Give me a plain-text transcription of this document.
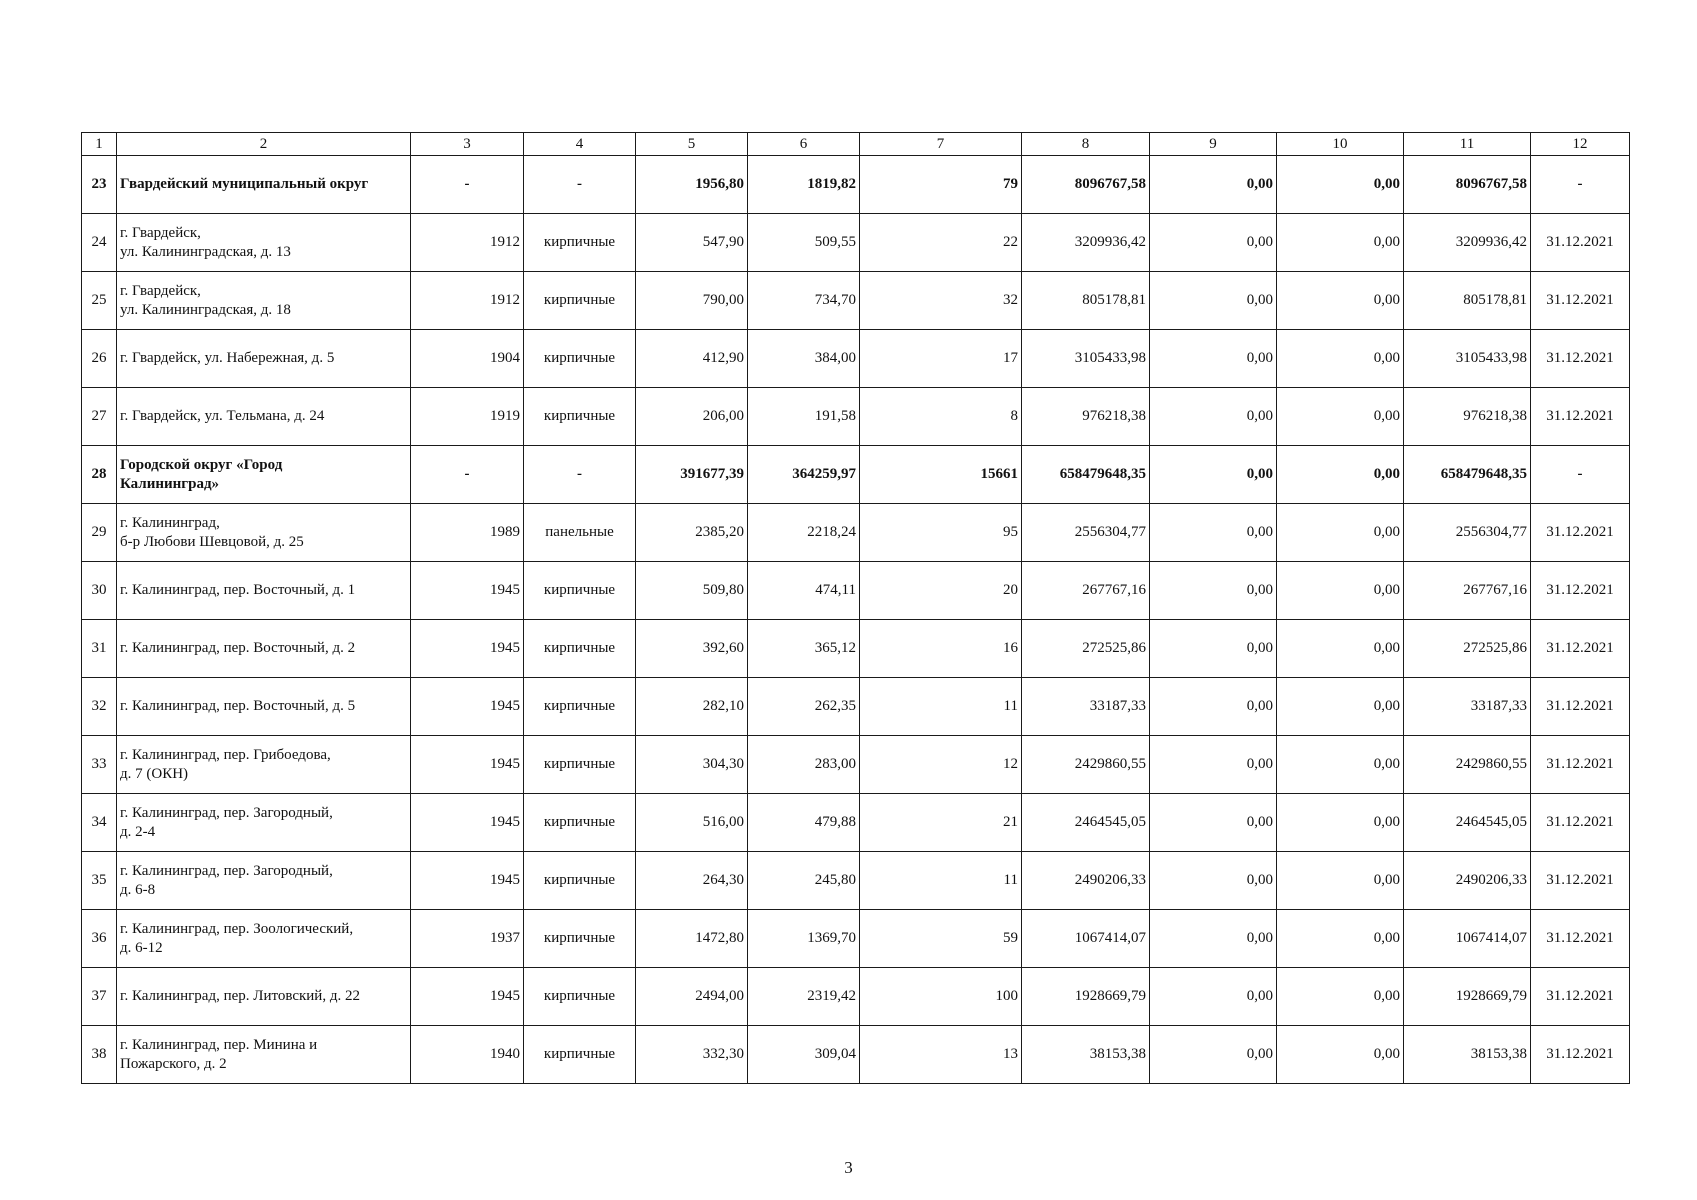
1	2	3	4	5	6	7	8	9	10	11	12
23	Гвардейский муниципальный округ	-	-	1956,80	1819,82	79	8096767,58	0,00	0,00	8096767,58	-
24	г. Гвардейск,
ул. Калининградская, д. 13	1912	кирпичные	547,90	509,55	22	3209936,42	0,00	0,00	3209936,42	31.12.2021
25	г. Гвардейск,
ул. Калининградская, д. 18	1912	кирпичные	790,00	734,70	32	805178,81	0,00	0,00	805178,81	31.12.2021
26	г. Гвардейск, ул. Набережная, д. 5	1904	кирпичные	412,90	384,00	17	3105433,98	0,00	0,00	3105433,98	31.12.2021
27	г. Гвардейск, ул. Тельмана, д. 24	1919	кирпичные	206,00	191,58	8	976218,38	0,00	0,00	976218,38	31.12.2021
28	Городской округ «Город
Калининград»	-	-	391677,39	364259,97	15661	658479648,35	0,00	0,00	658479648,35	-
29	г. Калининград,
б-р Любови Шевцовой, д. 25	1989	панельные	2385,20	2218,24	95	2556304,77	0,00	0,00	2556304,77	31.12.2021
30	г. Калининград, пер. Восточный, д. 1	1945	кирпичные	509,80	474,11	20	267767,16	0,00	0,00	267767,16	31.12.2021
31	г. Калининград, пер. Восточный, д. 2	1945	кирпичные	392,60	365,12	16	272525,86	0,00	0,00	272525,86	31.12.2021
32	г. Калининград, пер. Восточный, д. 5	1945	кирпичные	282,10	262,35	11	33187,33	0,00	0,00	33187,33	31.12.2021
33	г. Калининград, пер. Грибоедова,
д. 7 (ОКН)	1945	кирпичные	304,30	283,00	12	2429860,55	0,00	0,00	2429860,55	31.12.2021
34	г. Калининград, пер. Загородный,
д. 2-4	1945	кирпичные	516,00	479,88	21	2464545,05	0,00	0,00	2464545,05	31.12.2021
35	г. Калининград, пер. Загородный,
д. 6-8	1945	кирпичные	264,30	245,80	11	2490206,33	0,00	0,00	2490206,33	31.12.2021
36	г. Калининград, пер. Зоологический,
д. 6-12	1937	кирпичные	1472,80	1369,70	59	1067414,07	0,00	0,00	1067414,07	31.12.2021
37	г. Калининград, пер. Литовский, д. 22	1945	кирпичные	2494,00	2319,42	100	1928669,79	0,00	0,00	1928669,79	31.12.2021
38	г. Калининград, пер. Минина и
Пожарского, д. 2	1940	кирпичные	332,30	309,04	13	38153,38	0,00	0,00	38153,38	31.12.2021
3
